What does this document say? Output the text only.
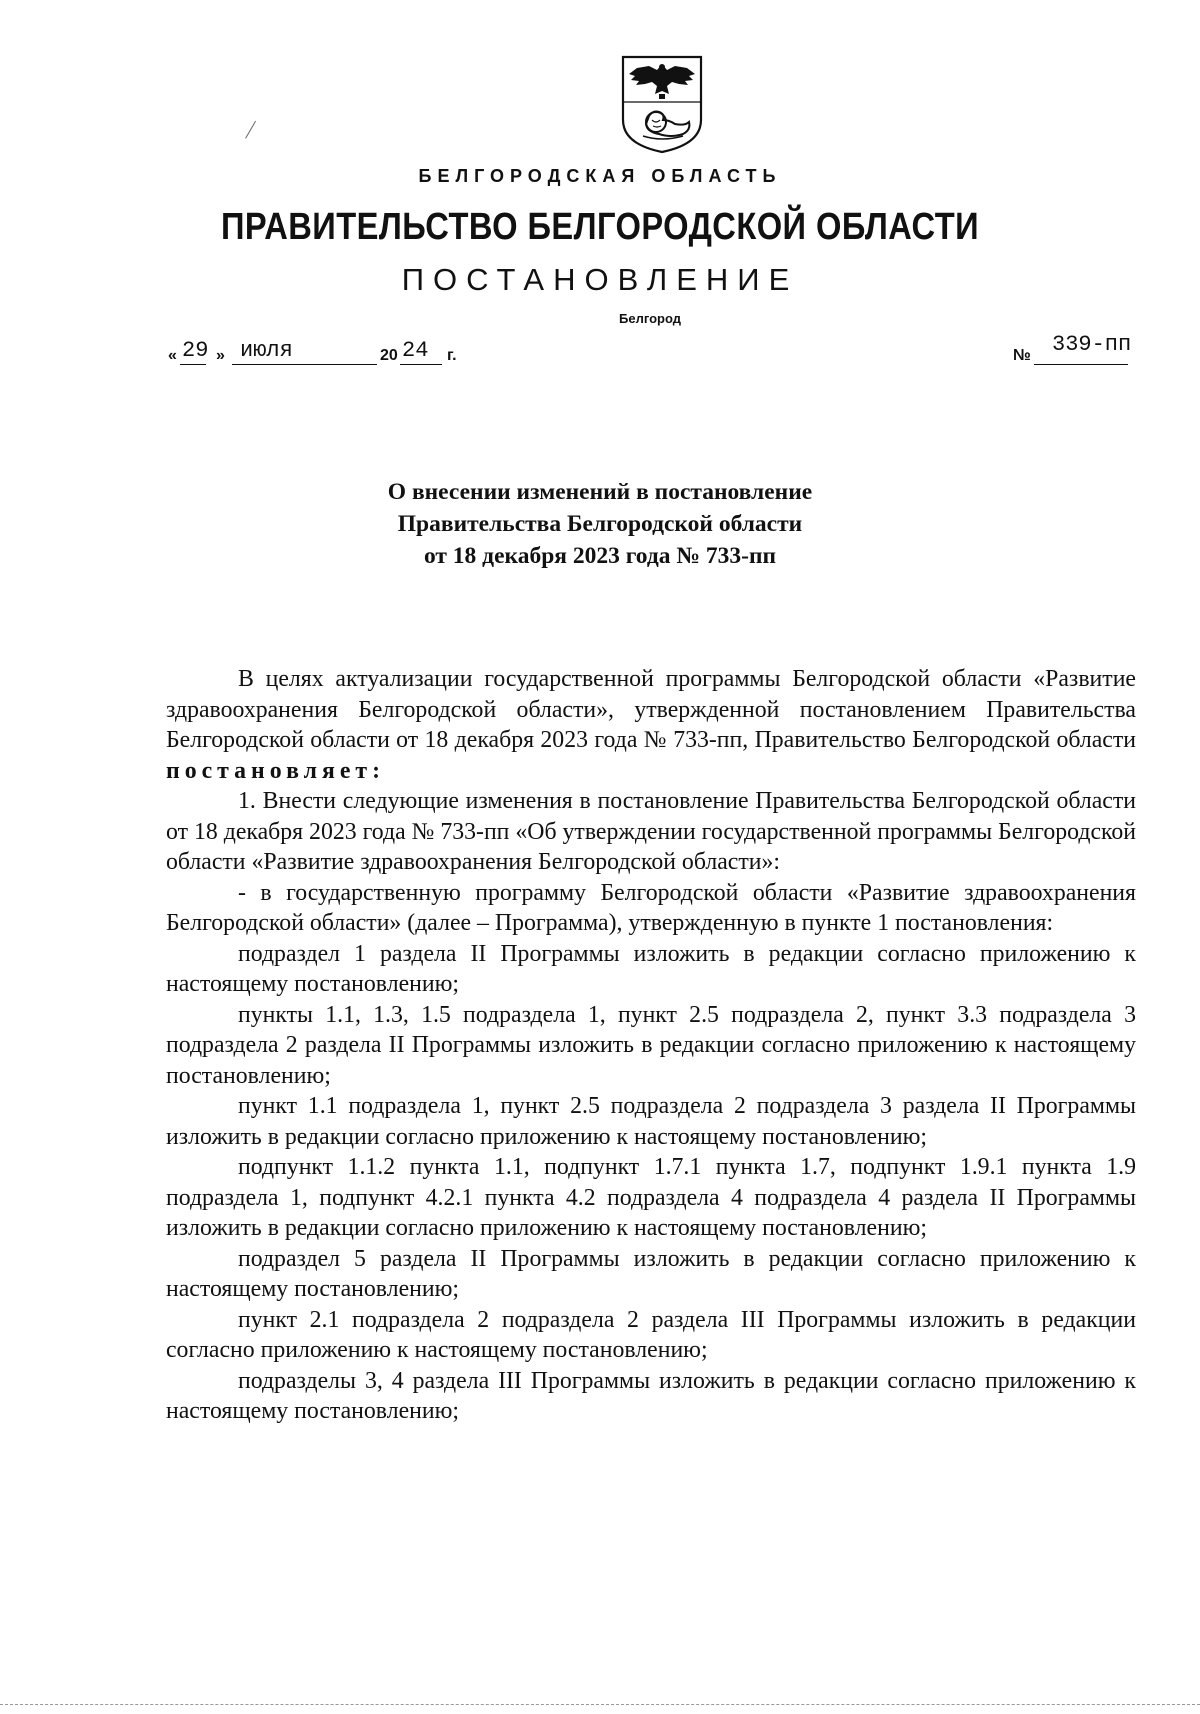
БЕЛГОРОДСКАЯ ОБЛАСТЬ
ПРАВИТЕЛЬСТВО БЕЛГОРОДСКОЙ ОБЛАСТИ
ПОСТАНОВЛЕНИЕ
Белгород
« 29 » июля	20 24 г.	№ 339-пп
О внесении изменений в постановление
Правительства Белгородской области
от 18 декабря 2023 года № 733-пп

В целях актуализации государственной программы Белгородской области «Развитие здравоохранения Белгородской области», утвержденной постановлением Правительства Белгородской области от 18 декабря 2023 года № 733-пп, Правительство Белгородской области постановляет:

1. Внести следующие изменения в постановление Правительства Белгородской области от 18 декабря 2023 года № 733-пп «Об утверждении государственной программы Белгородской области «Развитие здравоохранения Белгородской области»:

- в государственную программу Белгородской области «Развитие здравоохранения Белгородской области» (далее – Программа), утвержденную в пункте 1 постановления:

подраздел 1 раздела II Программы изложить в редакции согласно приложению к настоящему постановлению;

пункты 1.1, 1.3, 1.5 подраздела 1, пункт 2.5 подраздела 2, пункт 3.3 подраздела 3 подраздела 2 раздела II Программы изложить в редакции согласно приложению к настоящему постановлению;

пункт 1.1 подраздела 1, пункт 2.5 подраздела 2 подраздела 3 раздела II Программы изложить в редакции согласно приложению к настоящему постановлению;

подпункт 1.1.2 пункта 1.1, подпункт 1.7.1 пункта 1.7, подпункт 1.9.1 пункта 1.9 подраздела 1, подпункт 4.2.1 пункта 4.2 подраздела 4 подраздела 4 раздела II Программы изложить в редакции согласно приложению к настоящему постановлению;

подраздел 5 раздела II Программы изложить в редакции согласно приложению к настоящему постановлению;

пункт 2.1 подраздела 2 подраздела 2 раздела III Программы изложить в редакции согласно приложению к настоящему постановлению;

подразделы 3, 4 раздела III Программы изложить в редакции согласно приложению к настоящему постановлению;
